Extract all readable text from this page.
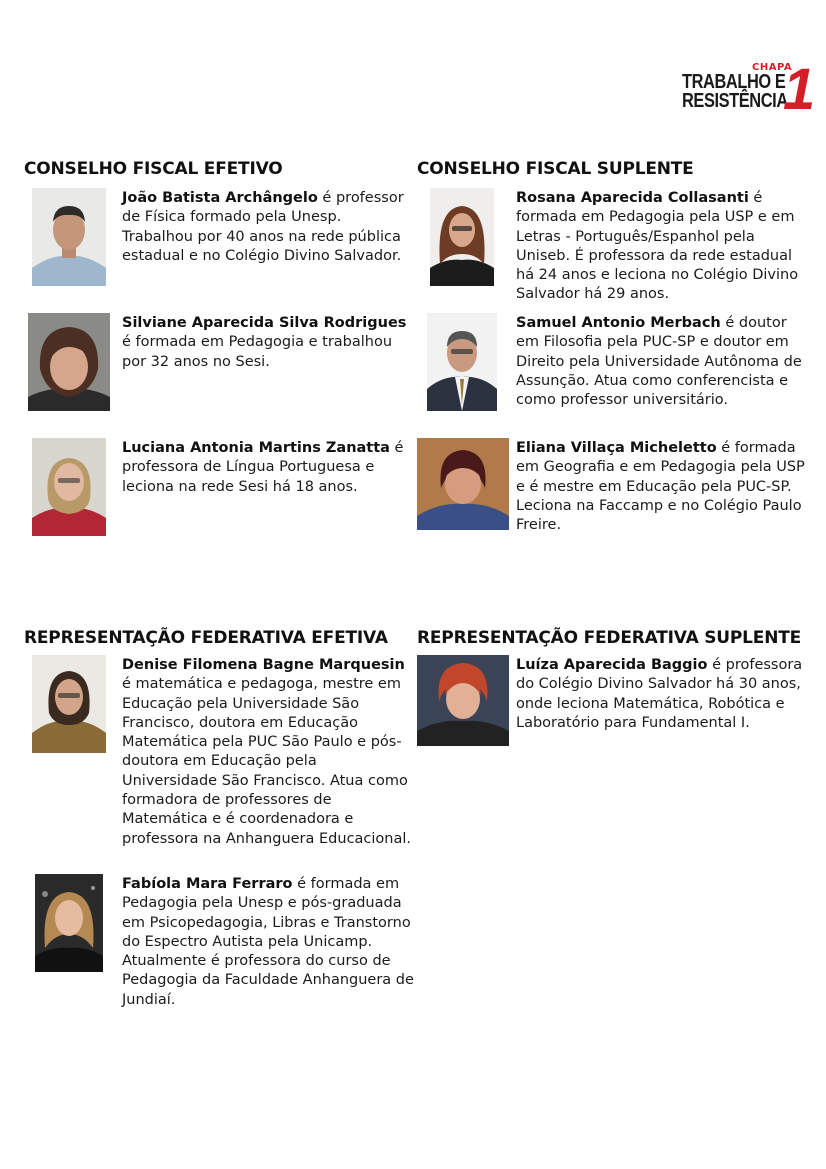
CHAPA
TRABALHO E
RESISTÊNCIA
1
CONSELHO FISCAL EFETIVO	CONSELHO FISCAL SUPLENTE
REPRESENTAÇÃO FEDERATIVA EFETIVA REPRESENTAÇÃO FEDERATIVA SUPLENTE
João Batista Archângelo é professor de Física formado pela Unesp. Trabalhou por 40 anos na rede pública estadual e no Colégio Divino Salvador.
Silviane Aparecida Silva Rodrigues é formada em Pedagogia e trabalhou por 32 anos no Sesi.
Luciana Antonia Martins Zanatta é professora de Língua Portuguesa e leciona na rede Sesi há 18 anos.
Denise Filomena Bagne Marquesin é matemática e pedagoga, mestre em Educação pela Universidade São Francisco, doutora em Educação Matemática pela PUC São Paulo e pós-doutora em Educação pela Universidade São Francisco. Atua como formadora de professores de Matemática e é coordenadora e professora na Anhanguera Educacional.
Fabíola Mara Ferraro é formada em Pedagogia pela Unesp e pós-graduada em Psicopedagogia, Libras e Transtorno do Espectro Autista pela Unicamp. Atualmente é professora do curso de Pedagogia da Faculdade Anhanguera de Jundiaí.
Rosana Aparecida Collasanti é formada em Pedagogia pela USP e em Letras - Português/Espanhol pela Uniseb. É professora da rede estadual há 24 anos e leciona no Colégio Divino Salvador há 29 anos.
Samuel Antonio Merbach é doutor em Filosofia pela PUC-SP e doutor em Direito pela Universidade Autônoma de Assunção. Atua como conferencista e como professor universitário.
Eliana Villaça Micheletto é formada em Geografia e em Pedagogia pela USP e é mestre em Educação pela PUC-SP. Leciona na Faccamp e no Colégio Paulo Freire.
Luíza Aparecida Baggio é professora do Colégio Divino Salvador há 30 anos, onde leciona Matemática, Robótica e Laboratório para Fundamental I.
